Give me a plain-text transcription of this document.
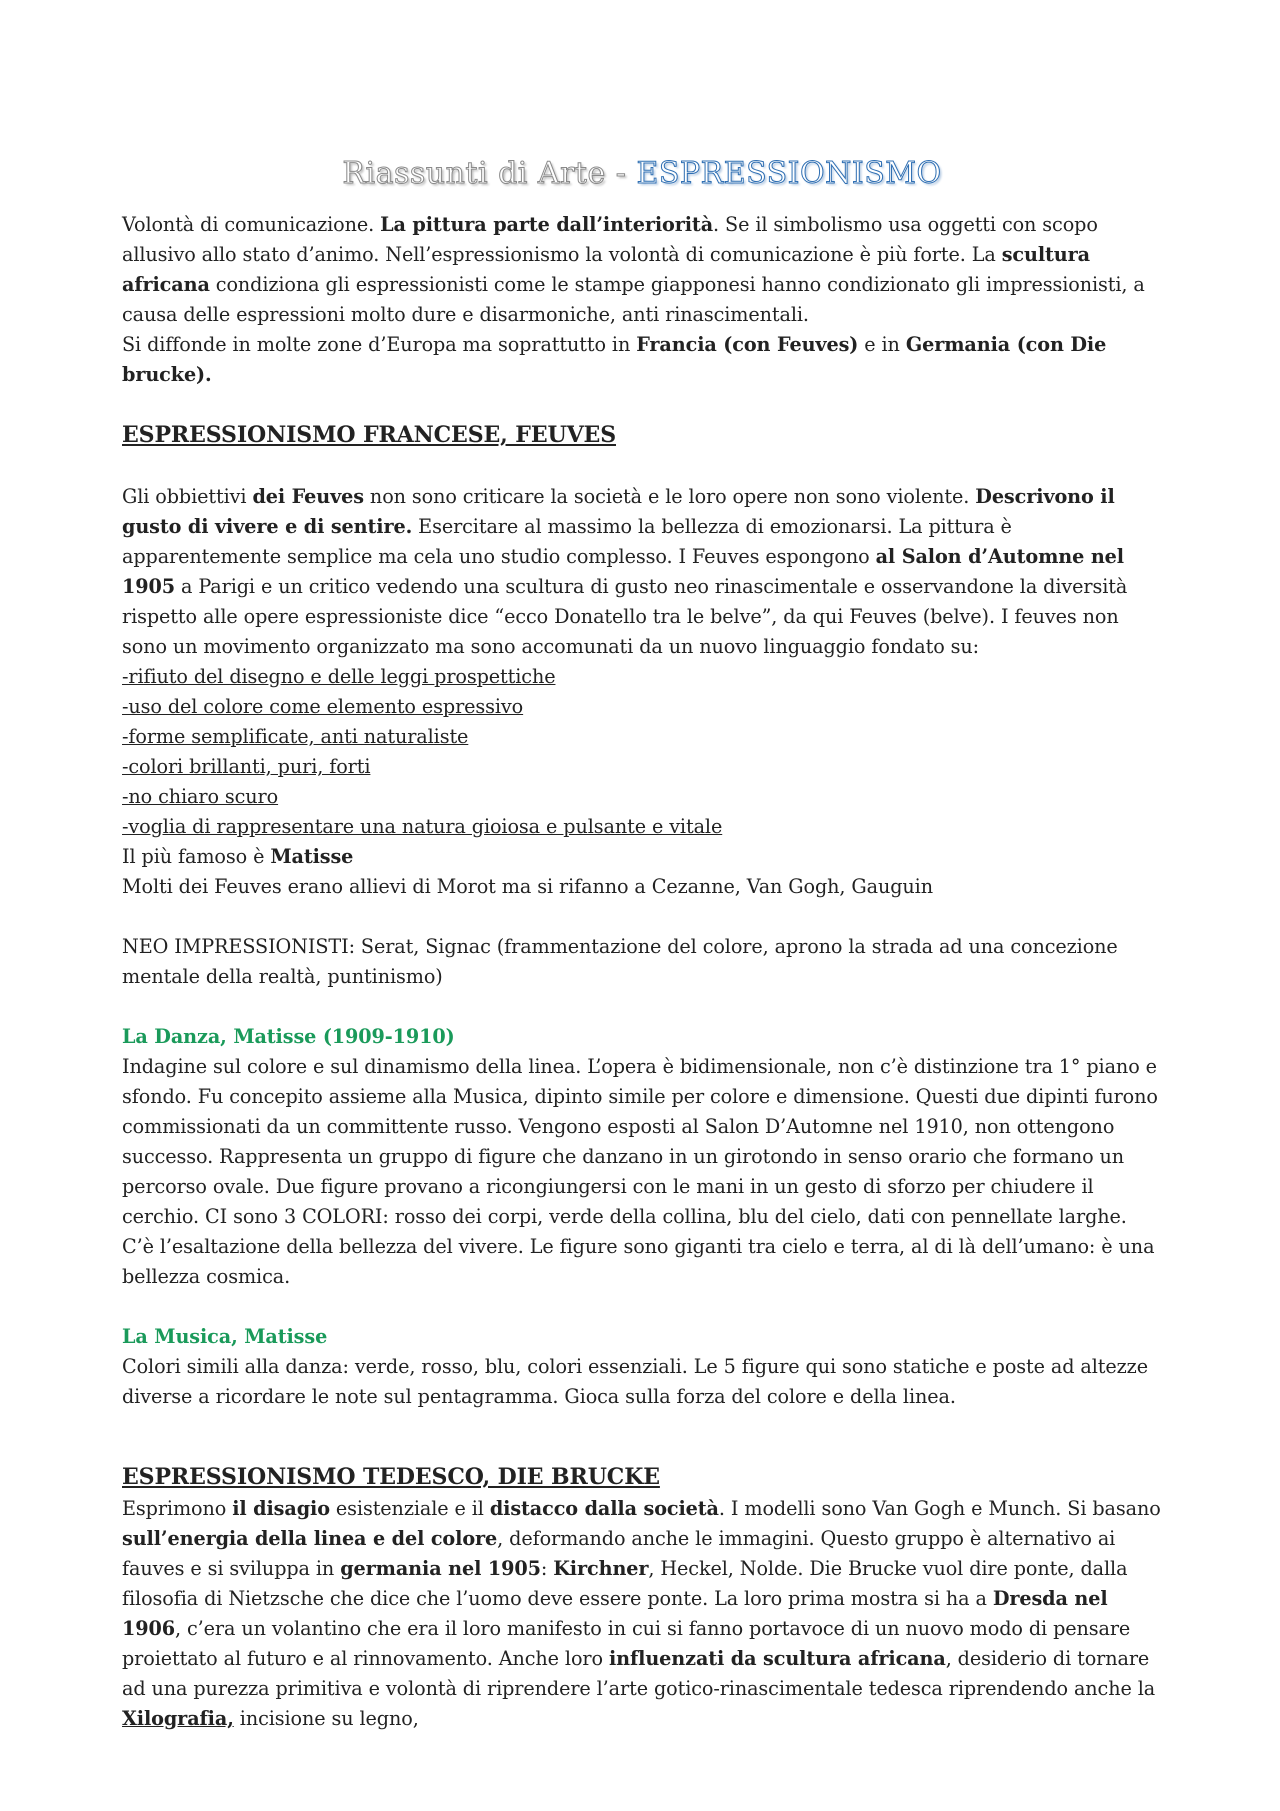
Riassunti di Arte - ESPRESSIONISMO

Volontà di comunicazione. La pittura parte dall’interiorità. Se il simbolismo usa oggetti con scopo allusivo allo stato d’animo. Nell’espressionismo la volontà di comunicazione è più forte. La scultura africana condiziona gli espressionisti come le stampe giapponesi hanno condizionato gli impressionisti, a causa delle espressioni molto dure e disarmoniche, anti rinascimentali.

Si diffonde in molte zone d’Europa ma soprattutto in Francia (con Feuves) e in Germania (con Die brucke).

ESPRESSIONISMO FRANCESE, FEUVES

Gli obbiettivi dei Feuves non sono criticare la società e le loro opere non sono violente. Descrivono il gusto di vivere e di sentire. Esercitare al massimo la bellezza di emozionarsi. La pittura è apparentemente semplice ma cela uno studio complesso. I Feuves espongono al Salon d’Automne nel 1905 a Parigi e un critico vedendo una scultura di gusto neo rinascimentale e osservandone la diversità rispetto alle opere espressioniste dice “ecco Donatello tra le belve”, da qui Feuves (belve). I feuves non sono un movimento organizzato ma sono accomunati da un nuovo linguaggio fondato su:

-rifiuto del disegno e delle leggi prospettiche

-uso del colore come elemento espressivo

-forme semplificate, anti naturaliste

-colori brillanti, puri, forti

-no chiaro scuro

-voglia di rappresentare una natura gioiosa e pulsante e vitale

Il più famoso è Matisse

Molti dei Feuves erano allievi di Morot ma si rifanno a Cezanne, Van Gogh, Gauguin

NEO IMPRESSIONISTI: Serat, Signac (frammentazione del colore, aprono la strada ad una concezione mentale della realtà, puntinismo)

La Danza, Matisse (1909-1910)

Indagine sul colore e sul dinamismo della linea. L’opera è bidimensionale, non c’è distinzione tra 1° piano e sfondo. Fu concepito assieme alla Musica, dipinto simile per colore e dimensione. Questi due dipinti furono commissionati da un committente russo. Vengono esposti al Salon D’Automne nel 1910, non ottengono successo. Rappresenta un gruppo di figure che danzano in un girotondo in senso orario che formano un percorso ovale. Due figure provano a ricongiungersi con le mani in un gesto di sforzo per chiudere il cerchio. CI sono 3 COLORI: rosso dei corpi, verde della collina, blu del cielo, dati con pennellate larghe. C’è l’esaltazione della bellezza del vivere. Le figure sono giganti tra cielo e terra, al di là dell’umano: è una bellezza cosmica.

La Musica, Matisse

Colori simili alla danza: verde, rosso, blu, colori essenziali. Le 5 figure qui sono statiche e poste ad altezze diverse a ricordare le note sul pentagramma. Gioca sulla forza del colore e della linea.

ESPRESSIONISMO TEDESCO, DIE BRUCKE

Esprimono il disagio esistenziale e il distacco dalla società. I modelli sono Van Gogh e Munch. Si basano sull’energia della linea e del colore, deformando anche le immagini. Questo gruppo è alternativo ai fauves e si sviluppa in germania nel 1905: Kirchner, Heckel, Nolde. Die Brucke vuol dire ponte, dalla filosofia di Nietzsche che dice che l’uomo deve essere ponte. La loro prima mostra si ha a Dresda nel 1906, c’era un volantino che era il loro manifesto in cui si fanno portavoce di un nuovo modo di pensare proiettato al futuro e al rinnovamento. Anche loro influenzati da scultura africana, desiderio di tornare ad una purezza primitiva e volontà di riprendere l’arte gotico-rinascimentale tedesca riprendendo anche la Xilografia, incisione su legno,
